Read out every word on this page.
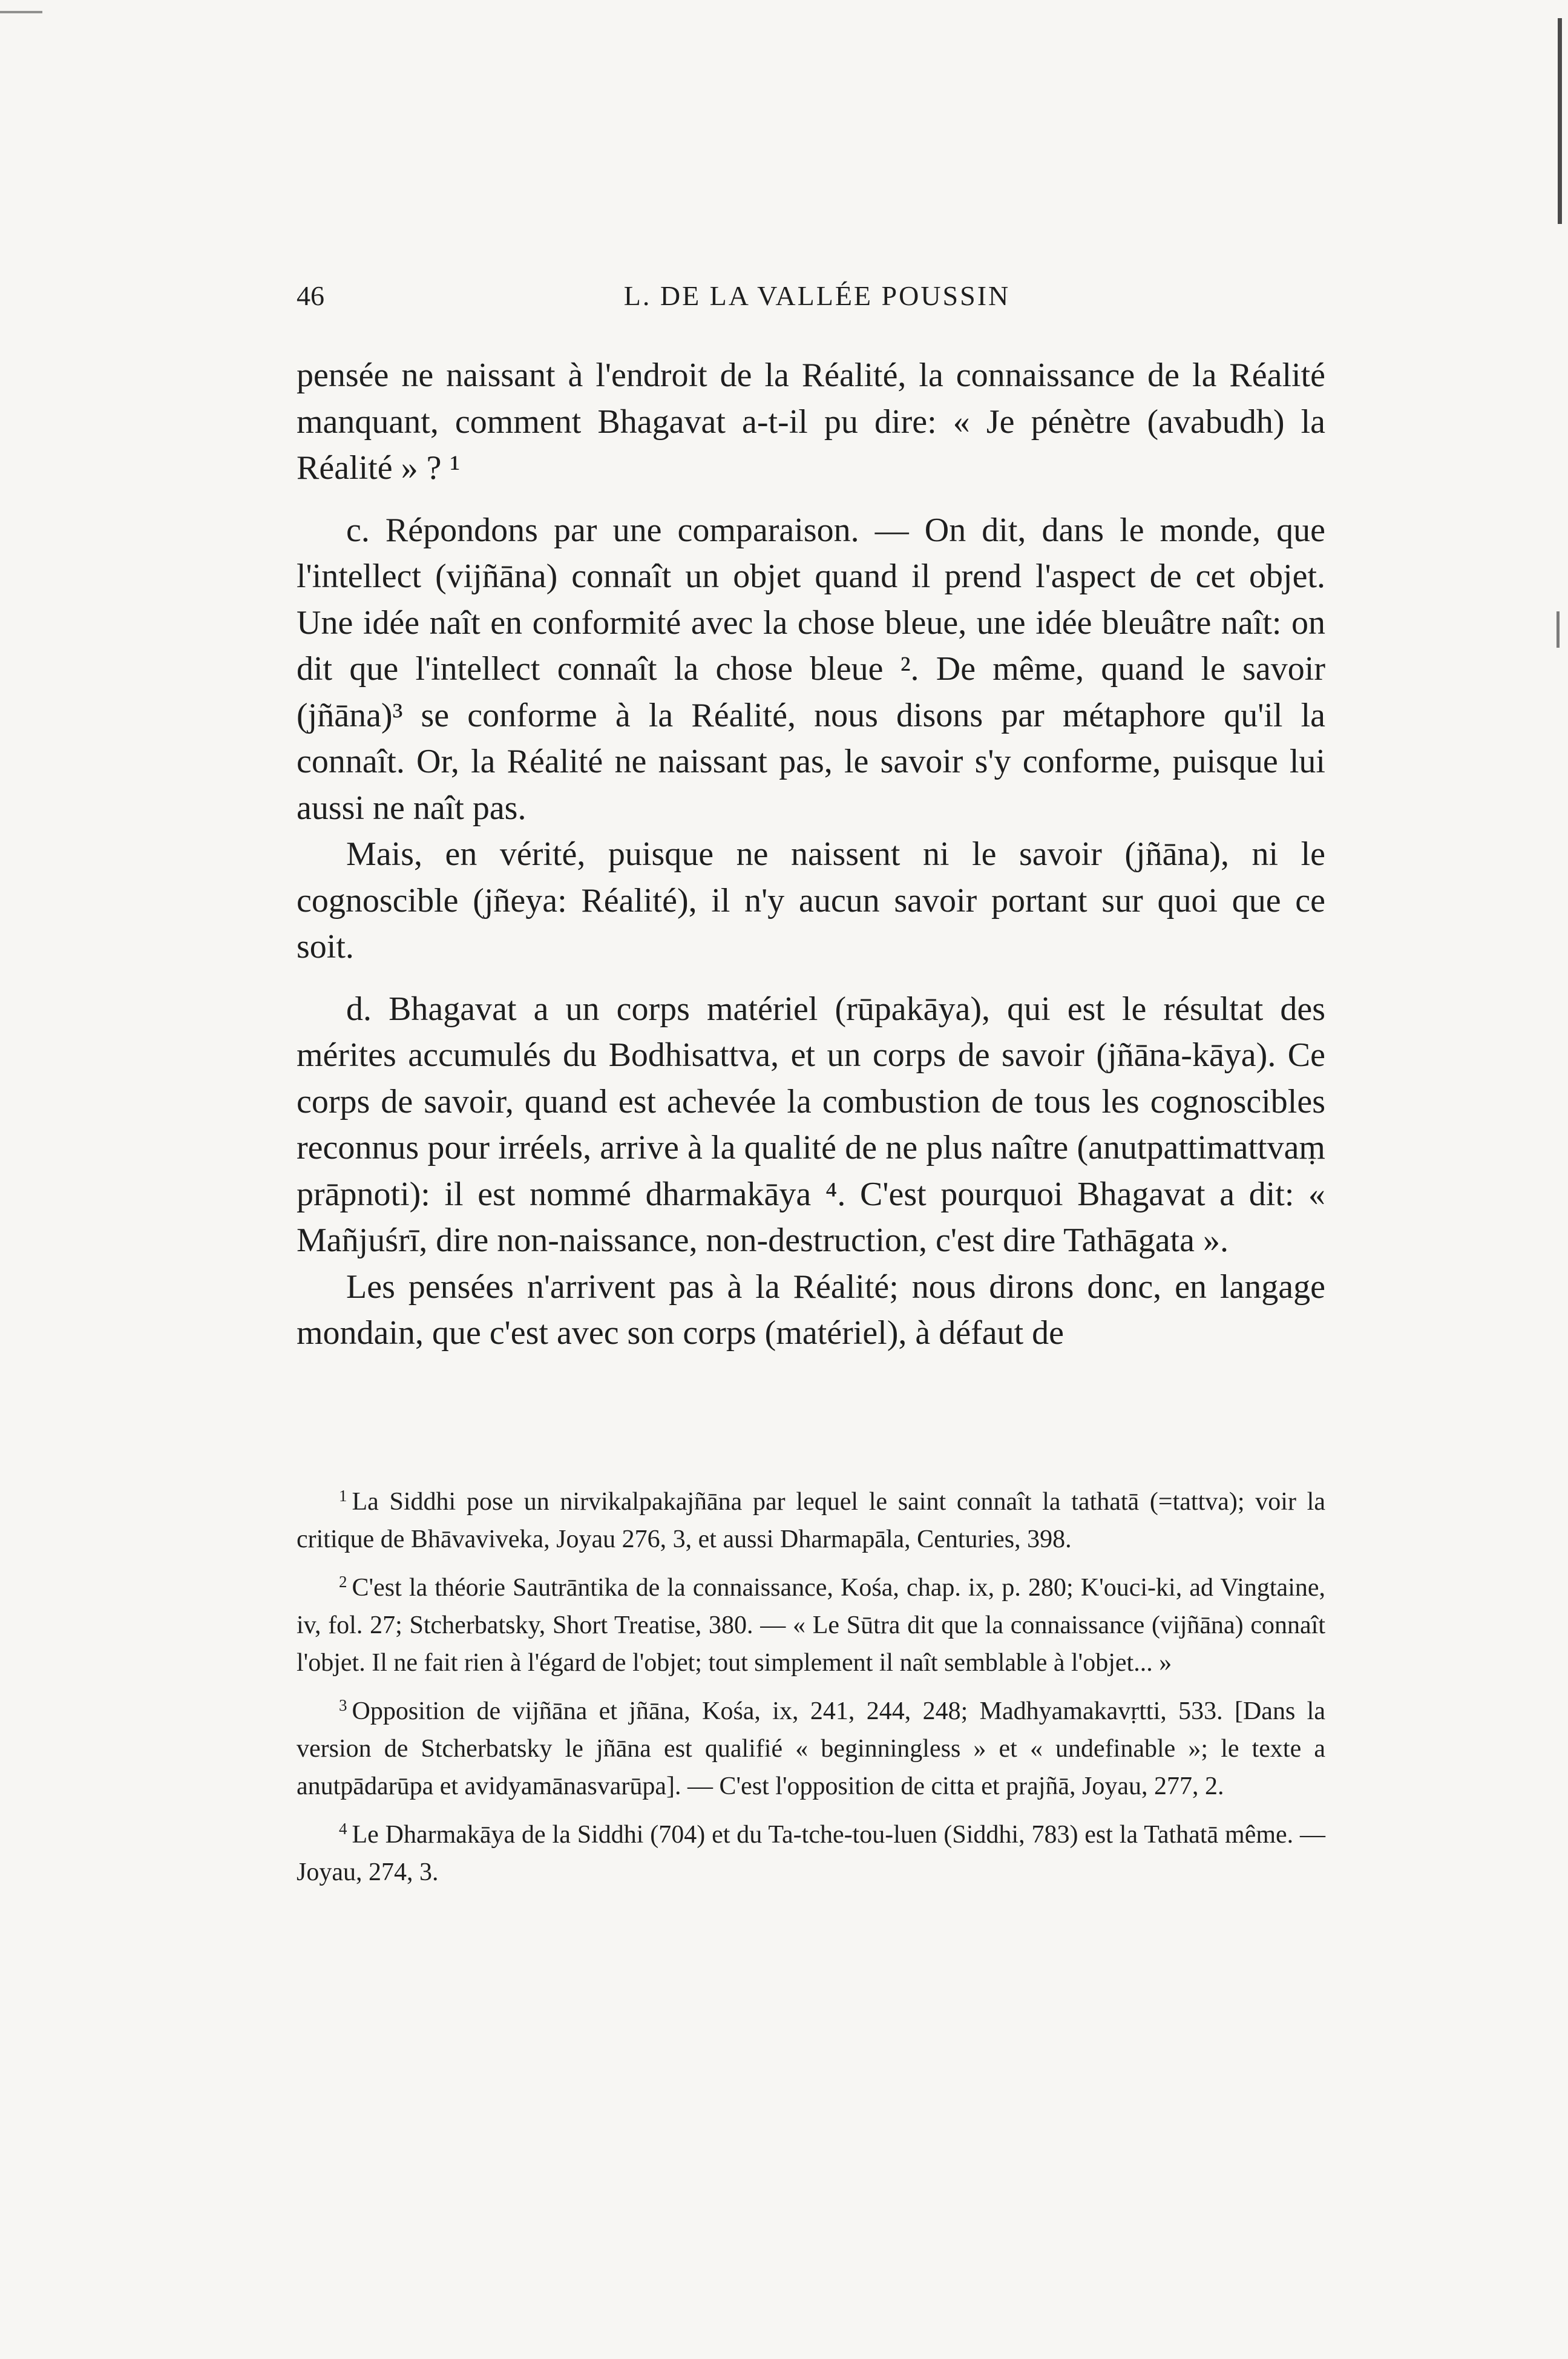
46	L. DE LA VALLÉE POUSSIN

pensée ne naissant à l'endroit de la Réalité, la connaissance de la Réalité manquant, comment Bhagavat a-t-il pu dire: « Je pénètre (avabudh) la Réalité » ? ¹

c. Répondons par une comparaison. — On dit, dans le monde, que l'intellect (vijñāna) connaît un objet quand il prend l'aspect de cet objet. Une idée naît en conformité avec la chose bleue, une idée bleuâtre naît: on dit que l'intellect connaît la chose bleue ². De même, quand le savoir (jñāna)³ se conforme à la Réalité, nous disons par métaphore qu'il la connaît. Or, la Réalité ne naissant pas, le savoir s'y conforme, puisque lui aussi ne naît pas.

Mais, en vérité, puisque ne naissent ni le savoir (jñāna), ni le cognoscible (jñeya: Réalité), il n'y aucun savoir portant sur quoi que ce soit.

d. Bhagavat a un corps matériel (rūpakāya), qui est le résultat des mérites accumulés du Bodhisattva, et un corps de savoir (jñāna-kāya). Ce corps de savoir, quand est achevée la combustion de tous les cognoscibles reconnus pour irréels, arrive à la qualité de ne plus naître (anutpattimattvaṃ prāpnoti): il est nommé dharmakāya ⁴. C'est pourquoi Bhagavat a dit: « Mañjuśrī, dire non-naissance, non-destruction, c'est dire Tathāgata ».

Les pensées n'arrivent pas à la Réalité; nous dirons donc, en langage mondain, que c'est avec son corps (matériel), à défaut de

$^1$ La Siddhi pose un nirvikalpakajñāna par lequel le saint connaît la tathatā (=tattva); voir la critique de Bhāvaviveka, Joyau 276, 3, et aussi Dharmapāla, Centuries, 398.

$^2$ C'est la théorie Sautrāntika de la connaissance, Kośa, chap. ix, p. 280; K'ouci-ki, ad Vingtaine, iv, fol. 27; Stcherbatsky, Short Treatise, 380. — « Le Sūtra dit que la connaissance (vijñāna) connaît l'objet. Il ne fait rien à l'égard de l'objet; tout simplement il naît semblable à l'objet... »

$^3$ Opposition de vijñāna et jñāna, Kośa, ix, 241, 244, 248; Madhyamakavṛtti, 533. [Dans la version de Stcherbatsky le jñāna est qualifié « beginningless » et « undefinable »; le texte a anutpādarūpa et avidyamānasvarūpa]. — C'est l'opposition de citta et prajñā, Joyau, 277, 2.

$^4$ Le Dharmakāya de la Siddhi (704) et du Ta-tche-tou-luen (Siddhi, 783) est la Tathatā même. — Joyau, 274, 3.
